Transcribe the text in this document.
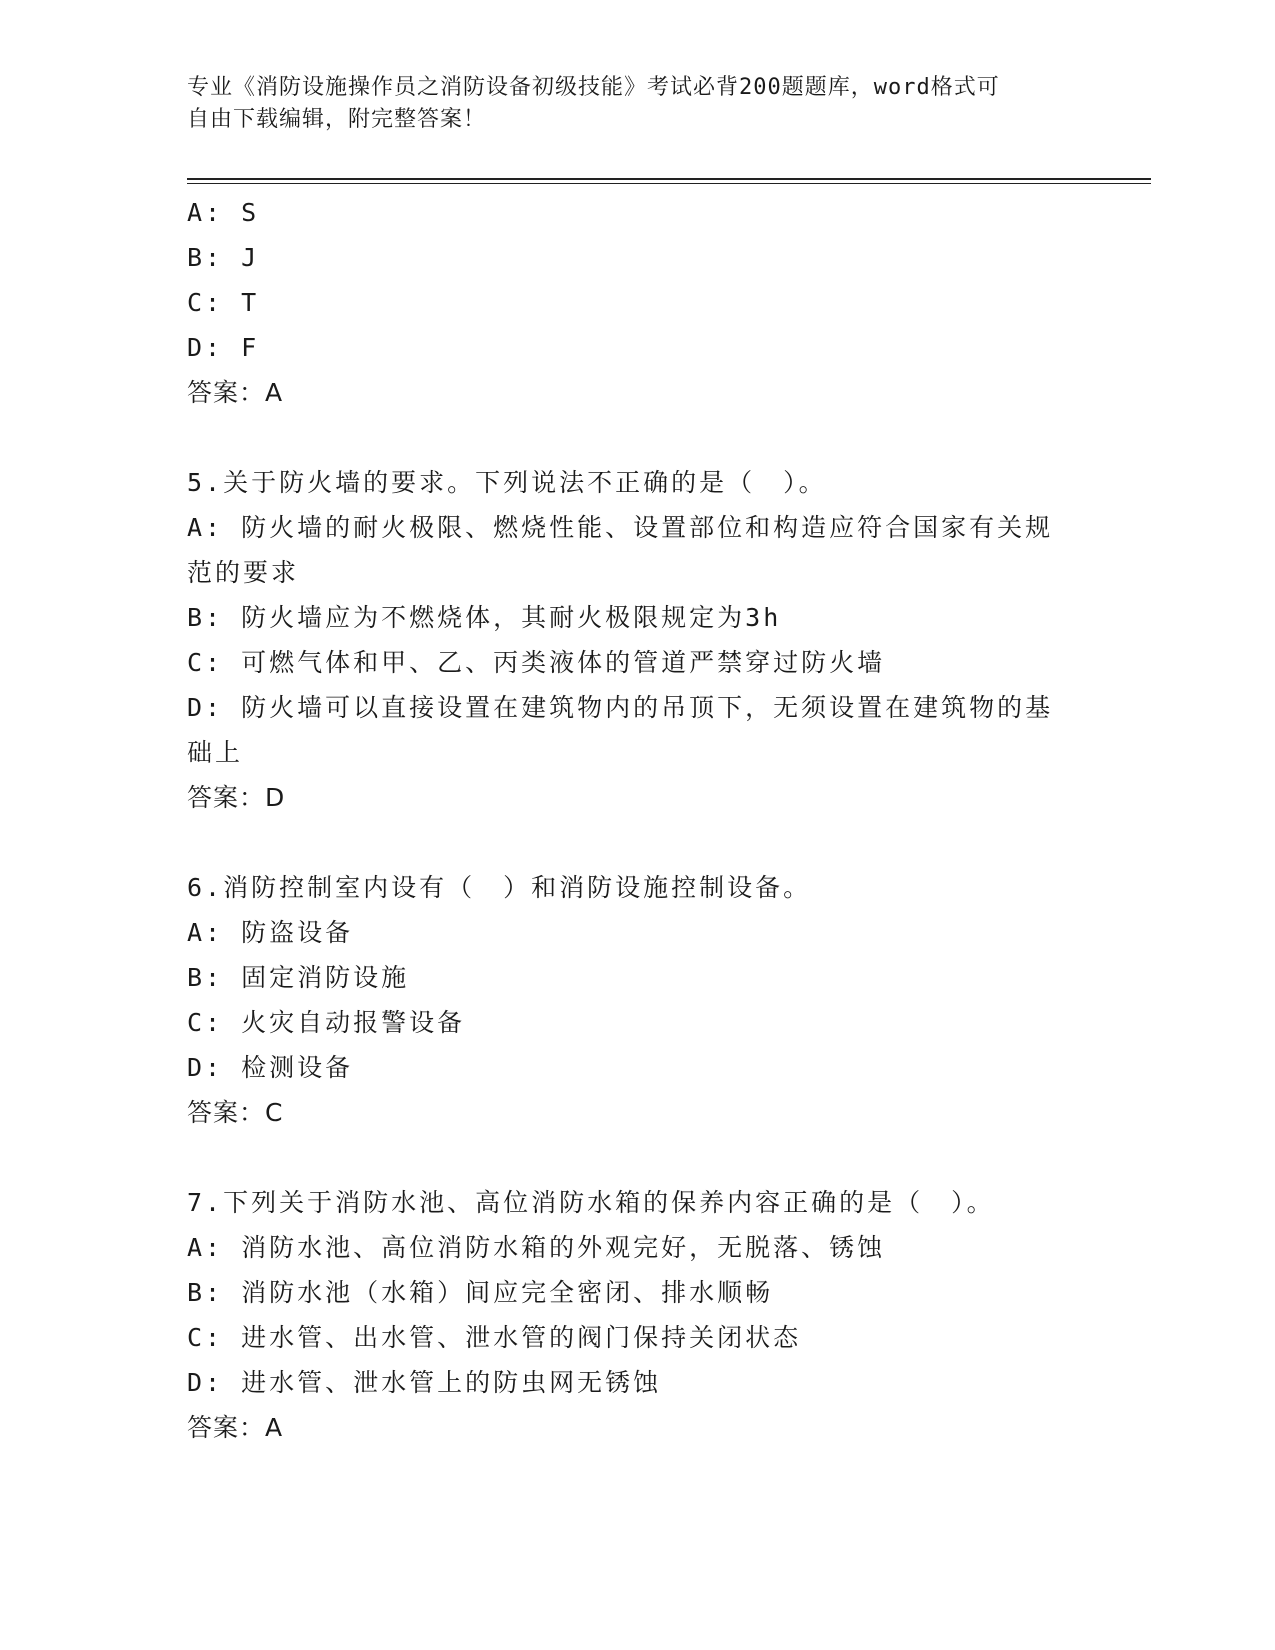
专业《消防设施操作员之消防设备初级技能》考试必背200题题库，word格式可
自由下载编辑，附完整答案！
A: S
B: J
C: T
D: F
答案：A
5.关于防火墙的要求。下列说法不正确的是（　）。
A: 防火墙的耐火极限、燃烧性能、设置部位和构造应符合国家有关规范的要求
B: 防火墙应为不燃烧体，其耐火极限规定为3h
C: 可燃气体和甲、乙、丙类液体的管道严禁穿过防火墙
D: 防火墙可以直接设置在建筑物内的吊顶下，无须设置在建筑物的基础上
答案：D
6.消防控制室内设有（　）和消防设施控制设备。
A: 防盗设备
B: 固定消防设施
C: 火灾自动报警设备
D: 检测设备
答案：C
7.下列关于消防水池、高位消防水箱的保养内容正确的是（　）。
A: 消防水池、高位消防水箱的外观完好，无脱落、锈蚀
B: 消防水池（水箱）间应完全密闭、排水顺畅
C: 进水管、出水管、泄水管的阀门保持关闭状态
D: 进水管、泄水管上的防虫网无锈蚀
答案：A
